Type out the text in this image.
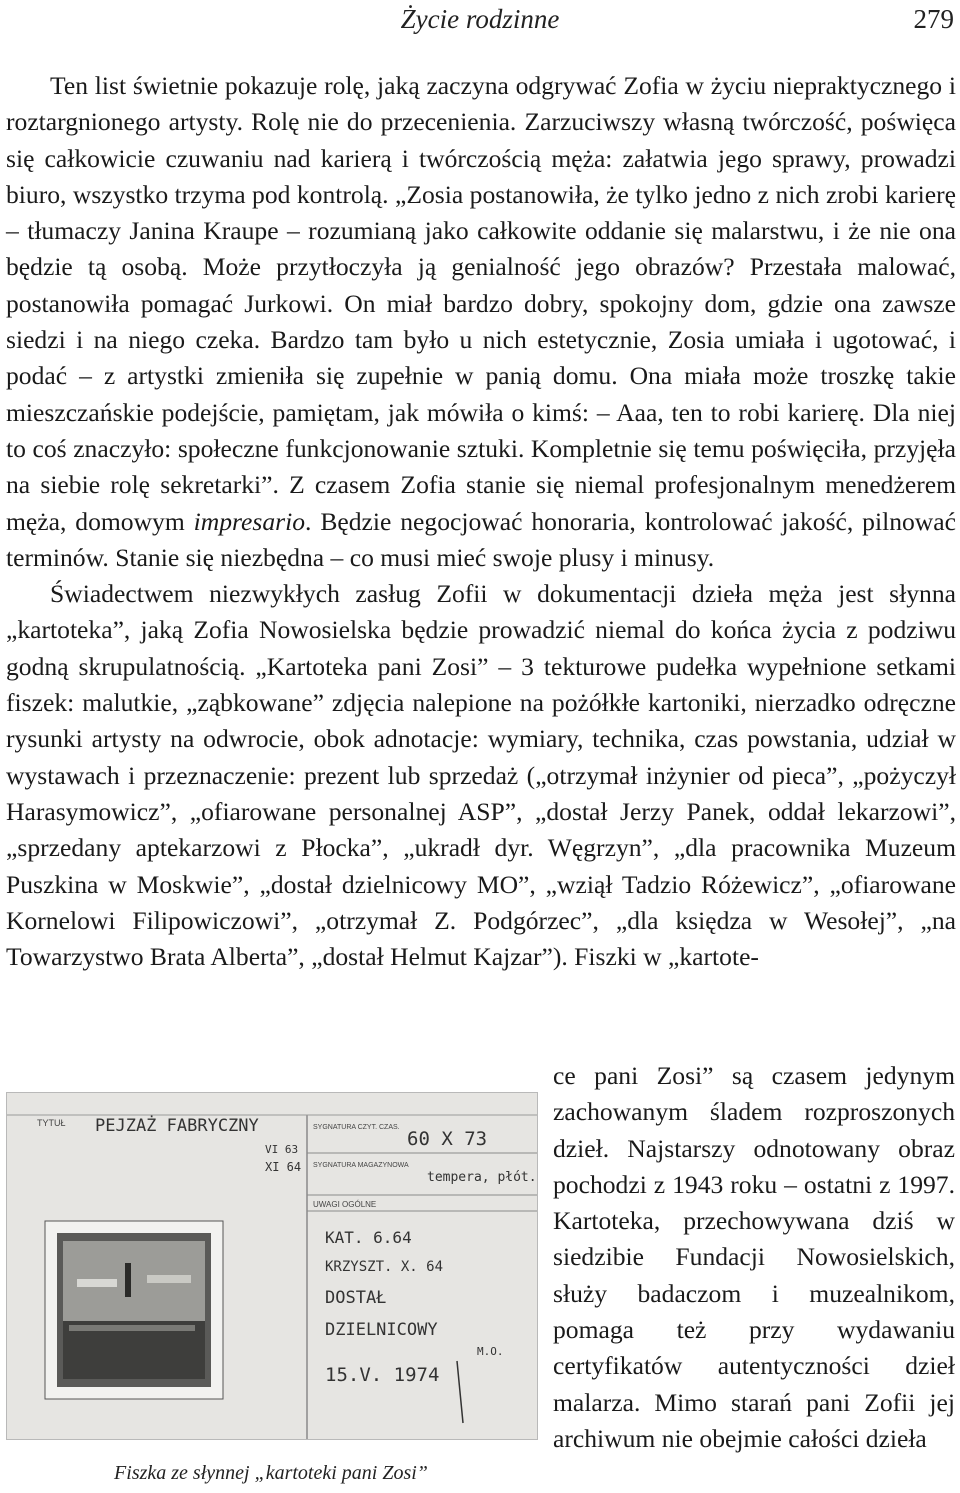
Życie rodzinne	279

Ten list świetnie pokazuje rolę, jaką zaczyna odgrywać Zofia w życiu niepraktycznego i roztargnionego artysty. Rolę nie do przecenienia. Zarzuciwszy własną twórczość, poświęca się całkowicie czuwaniu nad karierą i twórczością męża: załatwia jego sprawy, prowadzi biuro, wszystko trzyma pod kontrolą. „Zosia postanowiła, że tylko jedno z nich zrobi karierę – tłumaczy Janina Kraupe – rozumianą jako całkowite oddanie się malarstwu, i że nie ona będzie tą osobą. Może przytłoczyła ją genialność jego obrazów? Przestała malować, postanowiła pomagać Jurkowi. On miał bardzo dobry, spokojny dom, gdzie ona zawsze siedzi i na niego czeka. Bardzo tam było u nich estetycznie, Zosia umiała i ugotować, i podać – z artystki zmieniła się zupełnie w panią domu. Ona miała może troszkę takie mieszczańskie podejście, pamiętam, jak mówiła o kimś: – Aaa, ten to robi karierę. Dla niej to coś znaczyło: społeczne funkcjonowanie sztuki. Kompletnie się temu poświęciła, przyjęła na siebie rolę sekretarki”. Z czasem Zofia stanie się niemal profesjonalnym menedżerem męża, domowym impresario. Będzie negocjować honoraria, kontrolować jakość, pilnować terminów. Stanie się niezbędna – co musi mieć swoje plusy i minusy.

Świadectwem niezwykłych zasług Zofii w dokumentacji dzieła męża jest słynna „kartoteka”, jaką Zofia Nowosielska będzie prowadzić niemal do końca życia z podziwu godną skrupulatnością. „Kartoteka pani Zosi” – 3 tekturowe pudełka wypełnione setkami fiszek: malutkie, „ząbkowane” zdjęcia nalepione na pożółkłe kartoniki, nierzadko odręczne rysunki artysty na odwrocie, obok adnotacje: wymiary, technika, czas powstania, udział w wystawach i przeznaczenie: prezent lub sprzedaż („otrzymał inżynier od pieca”, „pożyczył Harasymowicz”, „ofiarowane personalnej ASP”, „dostał Jerzy Panek, oddał lekarzowi”, „sprzedany aptekarzowi z Płocka”, „ukradł dyr. Węgrzyn”, „dla pracownika Muzeum Puszkina w Moskwie”, „dostał dzielnicowy MO”, „wziął Tadzio Różewicz”, „ofiarowane Kornelowi Filipowiczowi”, „otrzymał Z. Podgórzec”, „dla księdza w Wesołej”, „na Towarzystwo Brata Alberta”, „dostał Helmut Kajzar”). Fiszki w „kartote-

ce pani Zosi” są czasem jedynym zachowanym śladem rozproszonych dzieł. Najstarszy odnotowany obraz pochodzi z 1943 roku – ostatni z 1997. Kartoteka, przechowywana dziś w siedzibie Fundacji Nowosielskich, służy badaczom i muzealnikom, pomaga też przy wydawaniu certyfikatów autentyczności dzieł malarza. Mimo starań pani Zofii jej archiwum nie obejmie całości dzieła

TYTUŁ PEJZAŻ FABRYCZNY
VI 63
XI 64
SYGNATURA CZYT. CZAS.
60 X 73
SYGNATURA MAGAZYNOWA
tempera, płót.
UWAGI OGÓLNE
KAT. 6.64
KRZYSZT. X. 64
DOSTAŁ
DZIELNICOWY
M.O.
15.V. 1974
Fiszka ze słynnej „kartoteki pani Zosi”
